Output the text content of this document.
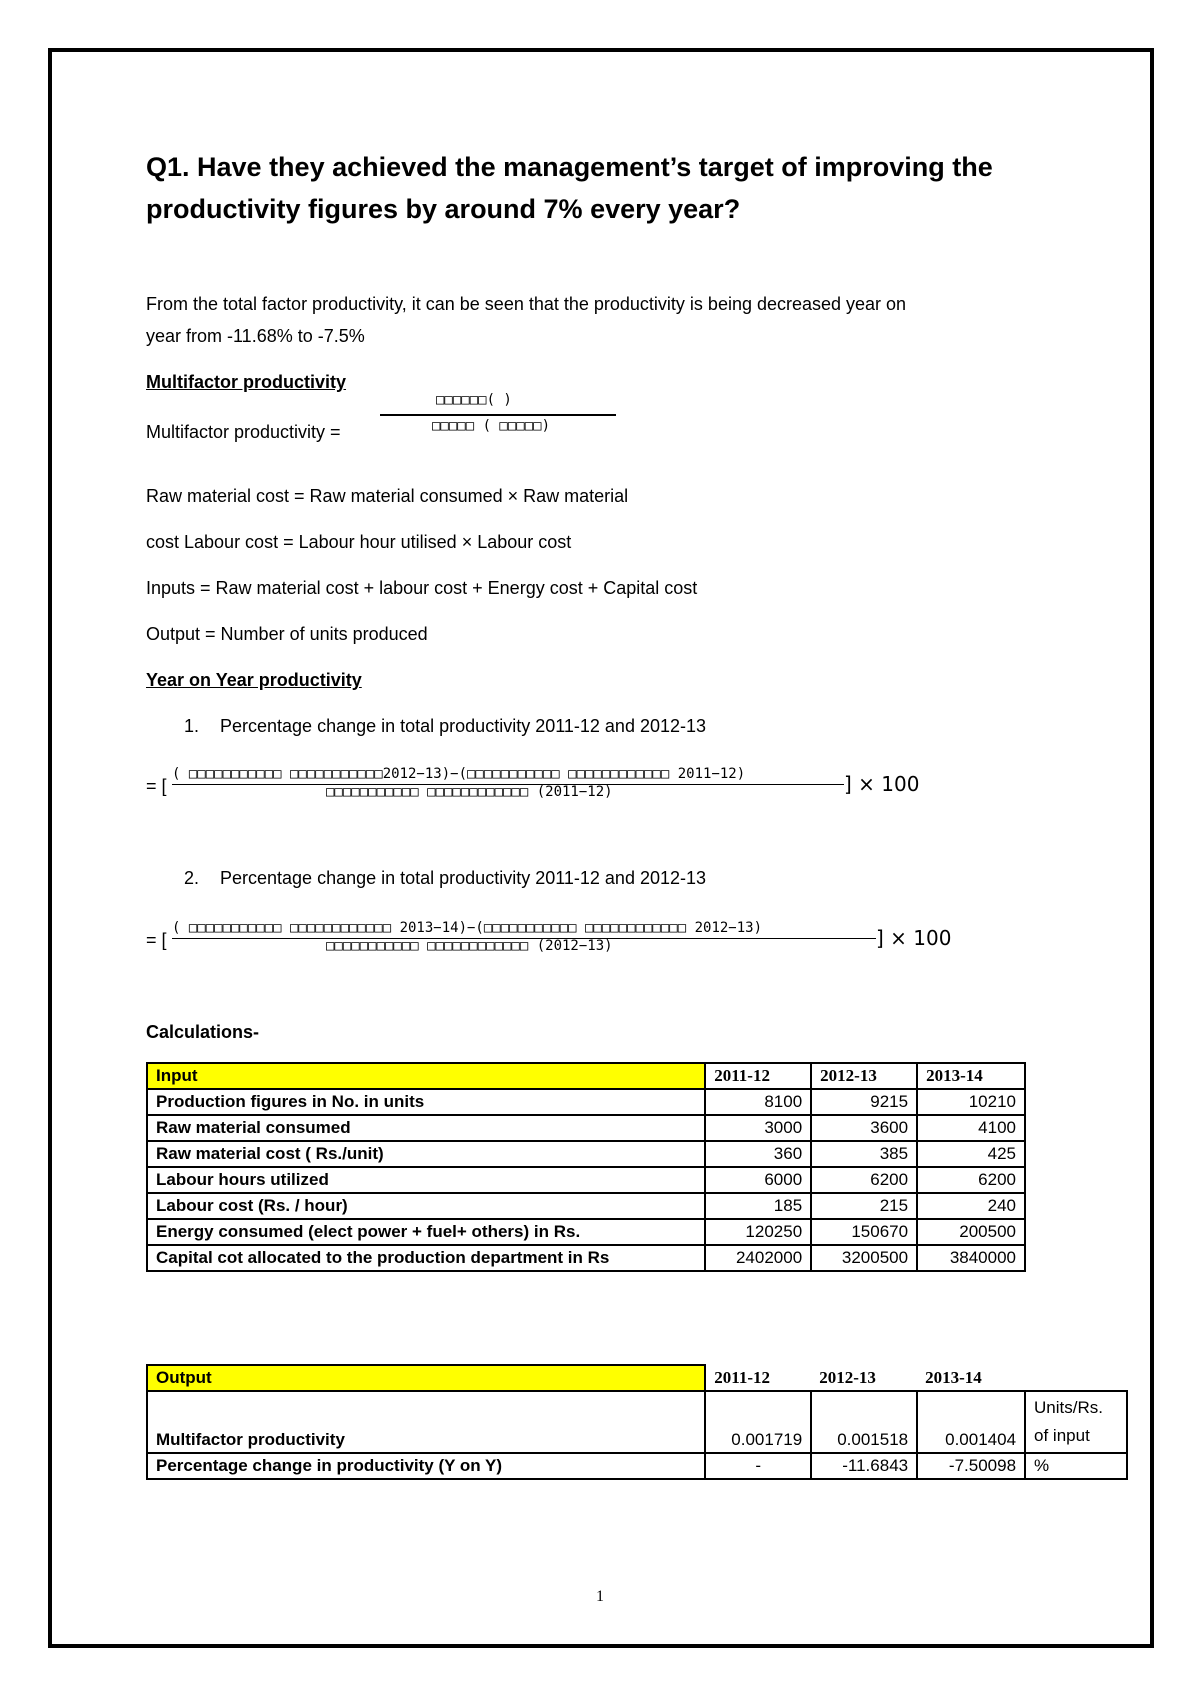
Q1. Have they achieved the management’s target of improving the
productivity figures by around 7% every year?
From the total factor productivity, it can be seen that the productivity is being decreased year on
year from -11.68% to -7.5%
Multifactor productivity
Multifactor productivity =
□□□□□□( )
□□□□□ ( □□□□□)
Raw material cost = Raw material consumed × Raw material
cost Labour cost = Labour hour utilised × Labour cost
Inputs = Raw material cost + labour cost + Energy cost + Capital cost
Output = Number of units produced
Year on Year productivity
1. Percentage change in total productivity 2011-12 and 2012-13
= [
( □□□□□□□□□□□ □□□□□□□□□□□2012−13)−(□□□□□□□□□□□ □□□□□□□□□□□□ 2011−12)
□□□□□□□□□□□ □□□□□□□□□□□□ (2011−12)	] × 100
2. Percentage change in total productivity 2011-12 and 2012-13
= [
( □□□□□□□□□□□ □□□□□□□□□□□□ 2013−14)−(□□□□□□□□□□□ □□□□□□□□□□□□ 2012−13)
□□□□□□□□□□□ □□□□□□□□□□□□ (2012−13)	] × 100
Calculations-
Input	2011-12	2012-13	2013-14
Production figures in No. in units	8100	9215	10210
Raw material consumed	3000	3600	4100
Raw material cost ( Rs./unit)	360	385	425
Labour hours utilized	6000	6200	6200
Labour cost (Rs. / hour)	185	215	240
Energy consumed (elect power + fuel+ others) in Rs.	120250	150670	200500
Capital cot allocated to the production department in Rs	2402000	3200500	3840000
Output	2011-12	2012-13	2013-14	
Multifactor productivity	0.001719	0.001518	0.001404	Units/Rs.
of input

Percentage change in productivity (Y on Y)	-	-11.6843	-7.50098	%
1
